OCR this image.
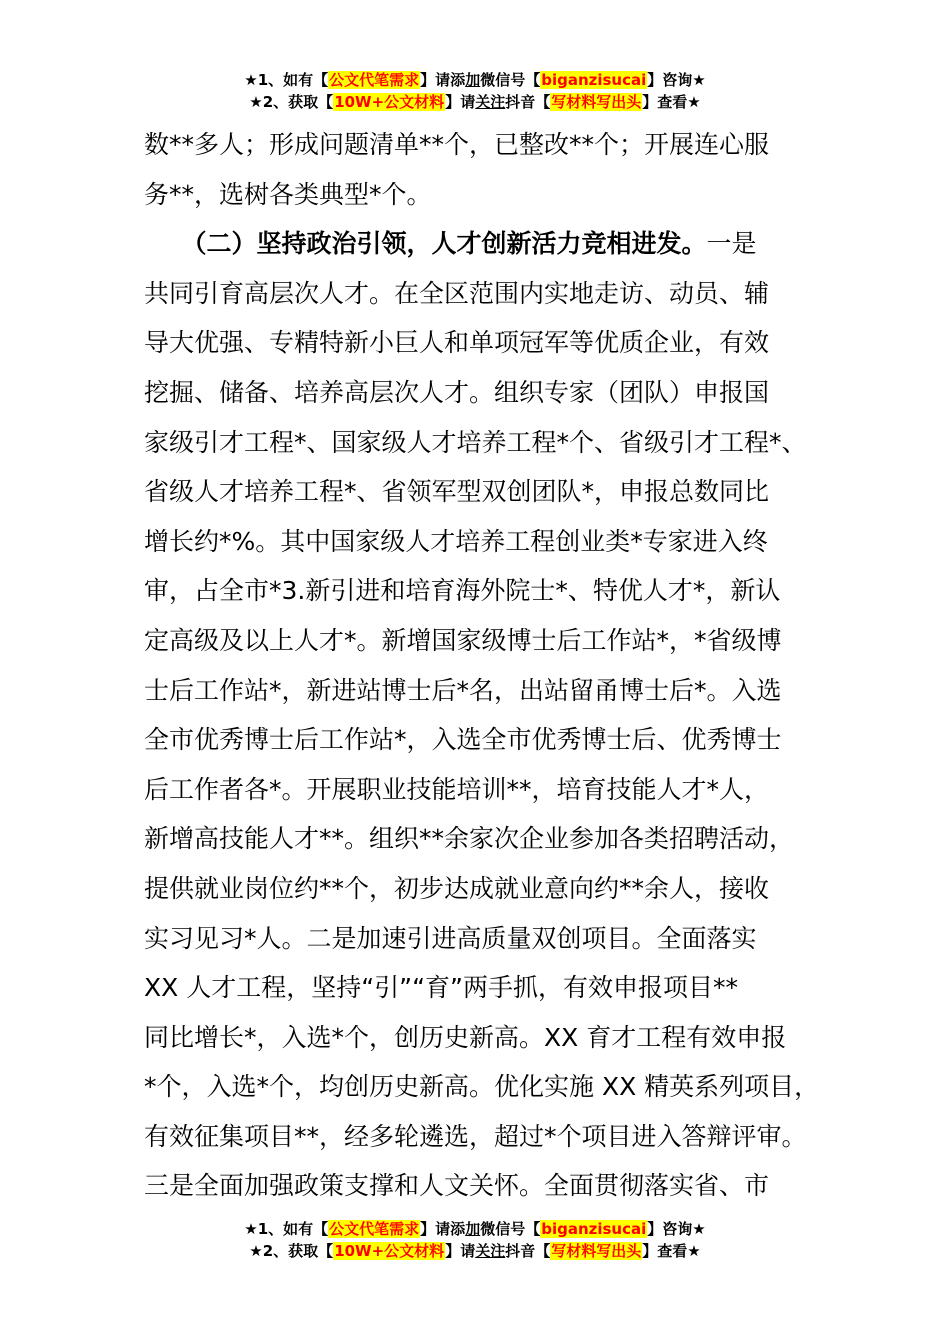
★1、如有【公文代笔需求】请添加微信号【biganzisucai】咨询★
★2、获取【10W+公文材料】请关注抖音【写材料写出头】查看★
数**多人；形成问题清单**个，已整改**个；开展连心服
务**，选树各类典型*个。
　　（二）坚持政治引领，人才创新活力竞相进发。一是
共同引育高层次人才。在全区范围内实地走访、动员、辅
导大优强、专精特新小巨人和单项冠军等优质企业，有效
挖掘、储备、培养高层次人才。组织专家（团队）申报国
家级引才工程*、国家级人才培养工程*个、省级引才工程*、
省级人才培养工程*、省领军型双创团队*，申报总数同比
增长约*%。其中国家级人才培养工程创业类*专家进入终
审，占全市*3.新引进和培育海外院士*、特优人才*，新认
定高级及以上人才*。新增国家级博士后工作站*，*省级博
士后工作站*，新进站博士后*名，出站留甬博士后*。入选
全市优秀博士后工作站*，入选全市优秀博士后、优秀博士
后工作者各*。开展职业技能培训**，培育技能人才*人，
新增高技能人才**。组织**余家次企业参加各类招聘活动，
提供就业岗位约**个，初步达成就业意向约**余人，接收
实习见习*人。二是加速引进高质量双创项目。全面落实
XX 人才工程，坚持“引”“育”两手抓，有效申报项目**
同比增长*，入选*个，创历史新高。XX 育才工程有效申报
*个，入选*个，均创历史新高。优化实施 XX 精英系列项目，
有效征集项目**，经多轮遴选，超过*个项目进入答辩评审。
三是全面加强政策支撑和人文关怀。全面贯彻落实省、市
★1、如有【公文代笔需求】请添加微信号【biganzisucai】咨询★
★2、获取【10W+公文材料】请关注抖音【写材料写出头】查看★
